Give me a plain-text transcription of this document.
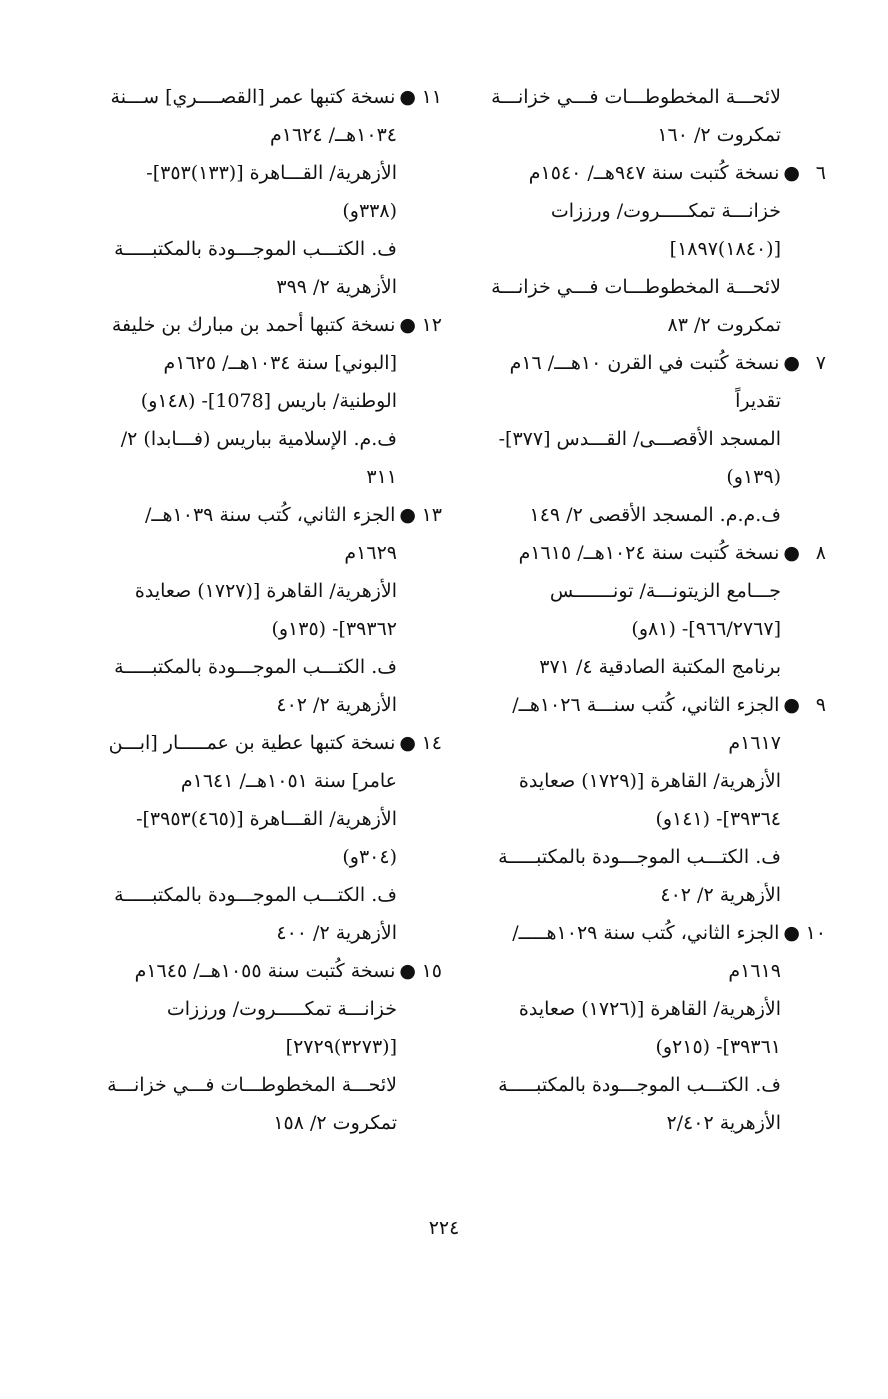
لائحـــة المخطوطـــات فـــي خزانـــة
تمكروت ٢/ ١٦٠
٦●نسخة كُتبت سنة ٩٤٧هــ/ ١٥٤٠م
خزانـــة تمكـــــروت/ ورززات
[(١٨٤٠)١٨٩٧]
لائحـــة المخطوطـــات فـــي خزانـــة
تمكروت ٢/ ٨٣
٧●نسخة كُتبت في القرن ١٠هـــ/ ١٦م
تقديراً
المسجد الأقصـــى/ القـــدس [٣٧٧]-
(١٣٩و)
ف.م.م. المسجد الأقصى ٢/ ١٤٩
٨●نسخة كُتبت سنة ١٠٢٤هــ/ ١٦١٥م
جـــامع الزيتونـــة/ تونـــــــس
[٩٦٦/٢٧٦٧]- (٨١و)
برنامج المكتبة الصادقية ٤/ ٣٧١
٩●الجزء الثاني، كُتب سنـــة ١٠٢٦هــ/
١٦١٧م
الأزهرية/ القاهرة [(١٧٢٩) صعايدة
٣٩٣٦٤]- (١٤١و)
ف. الكتـــب الموجـــودة بالمكتبـــــة
الأزهرية ٢/ ٤٠٢
١٠●الجزء الثاني، كُتب سنة ١٠٢٩هـــــ/
١٦١٩م
الأزهرية/ القاهرة [(١٧٢٦) صعايدة
٣٩٣٦١]- (٢١٥و)
ف. الكتـــب الموجـــودة بالمكتبـــــة
الأزهرية ٢/٤٠٢
١١●نسخة كتبها عمر [القصــــري] ســـنة
١٠٣٤هــ/ ١٦٢٤م
الأزهرية/ القـــاهرة [(١٣٣)٣٥٣]-
(٣٣٨و)
ف. الكتـــب الموجـــودة بالمكتبـــــة
الأزهرية ٢/ ٣٩٩
١٢●نسخة كتبها أحمد بن مبارك بن خليفة
[البوني] سنة ١٠٣٤هــ/ ١٦٢٥م
الوطنية/ باريس [1078]- (١٤٨و)
ف.م. الإسلامية بباريس (فـــابدا) ٢/
٣١١
١٣●الجزء الثاني، كُتب سنة ١٠٣٩هــ/
١٦٢٩م
الأزهرية/ القاهرة [(١٧٢٧) صعايدة
٣٩٣٦٢]- (١٣٥و)
ف. الكتـــب الموجـــودة بالمكتبـــــة
الأزهرية ٢/ ٤٠٢
١٤●نسخة كتبها عطية بن عمـــــار [ابـــن
عامر] سنة ١٠٥١هــ/ ١٦٤١م
الأزهرية/ القـــاهرة [(٤٦٥)٣٩٥٣]-
(٣٠٤و)
ف. الكتـــب الموجـــودة بالمكتبـــــة
الأزهرية ٢/ ٤٠٠
١٥●نسخة كُتبت سنة ١٠٥٥هــ/ ١٦٤٥م
خزانـــة تمكـــــروت/ ورززات
[(٣٢٧٣)٢٧٢٩]
لائحـــة المخطوطـــات فـــي خزانـــة
تمكروت ٢/ ١٥٨
٢٢٤
